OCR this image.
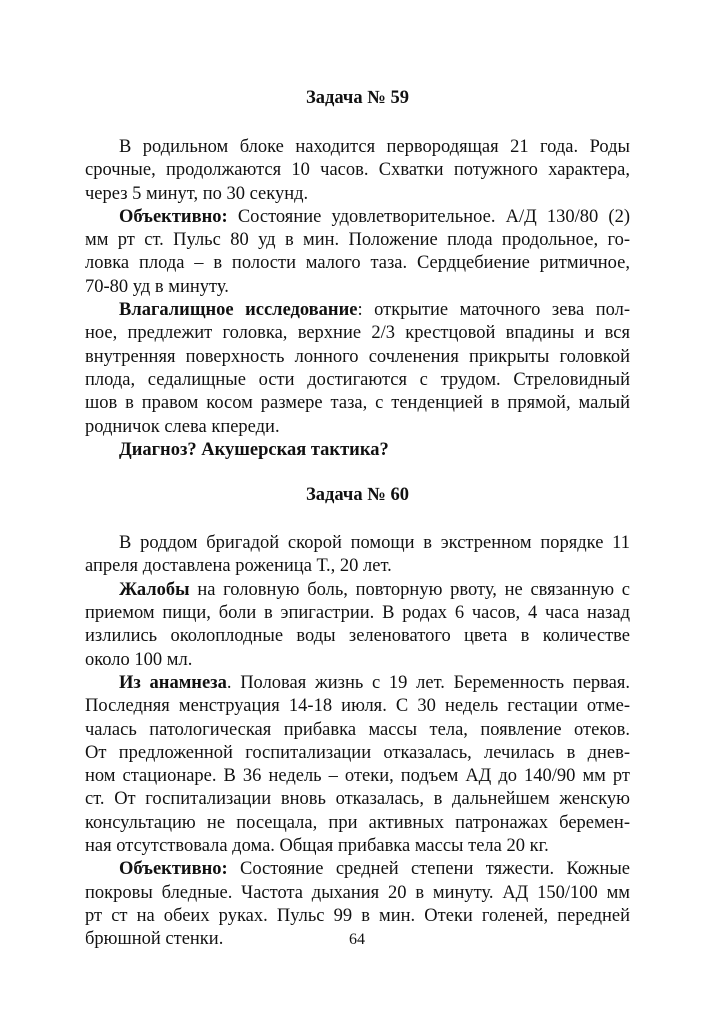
Задача № 59

В родильном блоке находится первородящая 21 года. Роды
срочные, продолжаются 10 часов. Схватки потужного характера,
через 5 минут, по 30 секунд.

Объективно: Состояние удовлетворительное. А/Д 130/80 (2)
мм рт ст. Пульс 80 уд в мин. Положение плода продольное, го-
ловка плода – в полости малого таза. Сердцебиение ритмичное,
70-80 уд в минуту.

Влагалищное исследование: открытие маточного зева пол-
ное, предлежит головка, верхние 2/3 крестцовой впадины и вся
внутренняя поверхность лонного сочленения прикрыты головкой
плода, седалищные ости достигаются с трудом. Стреловидный
шов в правом косом размере таза, с тенденцией в прямой, малый
родничок слева кпереди.

Диагноз? Акушерская тактика?

Задача № 60

В роддом бригадой скорой помощи в экстренном порядке 11
апреля доставлена роженица Т., 20 лет.

Жалобы на головную боль, повторную рвоту, не связанную с
приемом пищи, боли в эпигастрии. В родах 6 часов, 4 часа назад
излились околоплодные воды зеленоватого цвета в количестве
около 100 мл.

Из анамнеза. Половая жизнь с 19 лет. Беременность первая.
Последняя менструация 14-18 июля. С 30 недель гестации отме-
чалась патологическая прибавка массы тела, появление отеков.
От предложенной госпитализации отказалась, лечилась в днев-
ном стационаре. В 36 недель – отеки, подъем АД до 140/90 мм рт
ст. От госпитализации вновь отказалась, в дальнейшем женскую
консультацию не посещала, при активных патронажах беремен-
ная отсутствовала дома. Общая прибавка массы тела 20 кг.

Объективно: Состояние средней степени тяжести. Кожные
покровы бледные. Частота дыхания 20 в минуту. АД 150/100 мм
рт ст на обеих руках. Пульс 99 в мин. Отеки голеней, передней
брюшной стенки.	64
